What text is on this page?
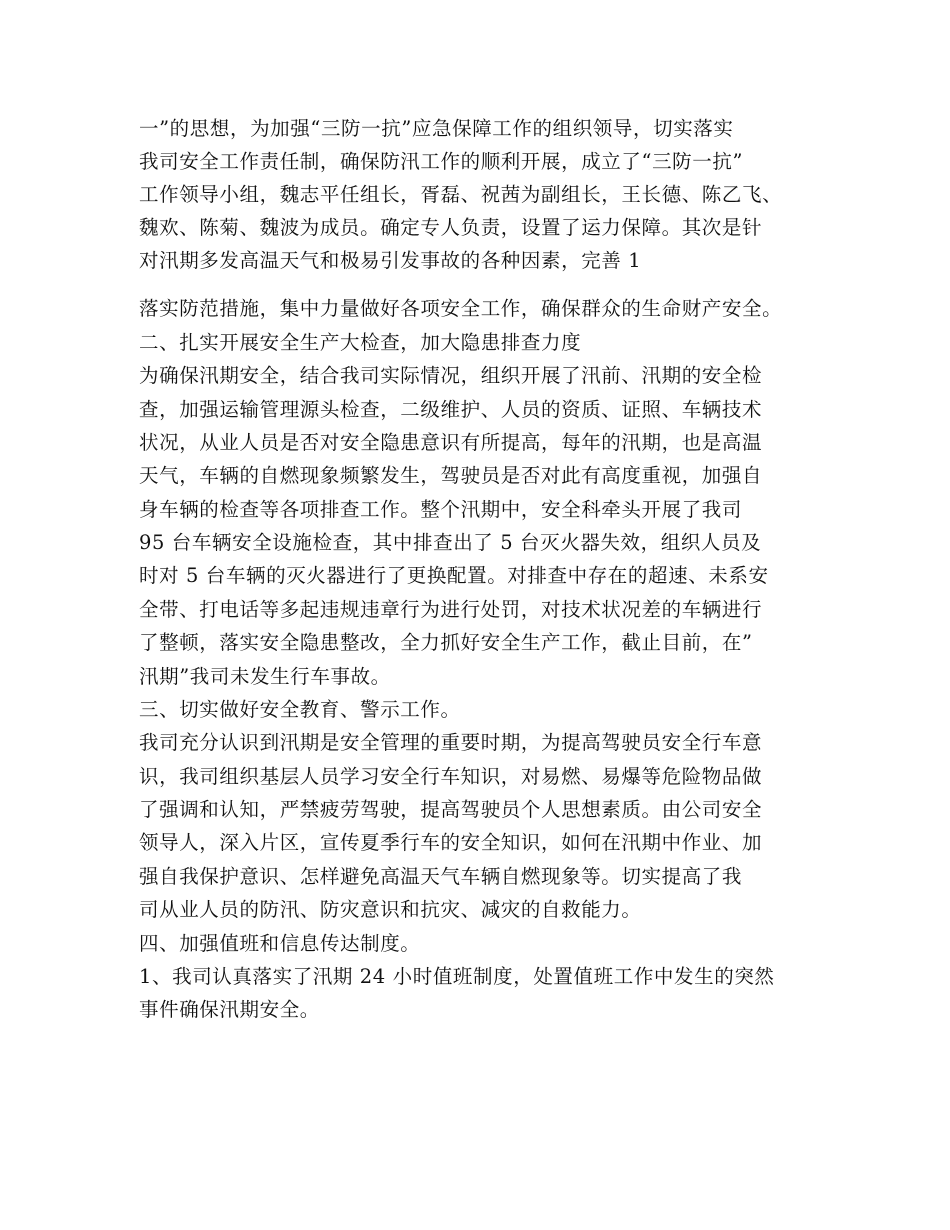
一”的思想，为加强“三防一抗”应急保障工作的组织领导，切实落实
我司安全工作责任制，确保防汛工作的顺利开展，成立了“三防一抗”
工作领导小组，魏志平任组长，胥磊、祝茜为副组长，王长德、陈乙飞、
魏欢、陈菊、魏波为成员。确定专人负责，设置了运力保障。其次是针
对汛期多发高温天气和极易引发事故的各种因素，完善 1
落实防范措施，集中力量做好各项安全工作，确保群众的生命财产安全。
二、扎实开展安全生产大检查，加大隐患排查力度
为确保汛期安全，结合我司实际情况，组织开展了汛前、汛期的安全检
查，加强运输管理源头检查，二级维护、人员的资质、证照、车辆技术
状况，从业人员是否对安全隐患意识有所提高，每年的汛期，也是高温
天气，车辆的自燃现象频繁发生，驾驶员是否对此有高度重视，加强自
身车辆的检查等各项排查工作。整个汛期中，安全科牵头开展了我司
95 台车辆安全设施检查，其中排查出了 5 台灭火器失效，组织人员及
时对 5 台车辆的灭火器进行了更换配置。对排查中存在的超速、未系安
全带、打电话等多起违规违章行为进行处罚，对技术状况差的车辆进行
了整顿，落实安全隐患整改，全力抓好安全生产工作，截止目前，在”
汛期”我司未发生行车事故。
三、切实做好安全教育、警示工作。
我司充分认识到汛期是安全管理的重要时期，为提高驾驶员安全行车意
识，我司组织基层人员学习安全行车知识，对易燃、易爆等危险物品做
了强调和认知，严禁疲劳驾驶，提高驾驶员个人思想素质。由公司安全
领导人，深入片区，宣传夏季行车的安全知识，如何在汛期中作业、加
强自我保护意识、怎样避免高温天气车辆自燃现象等。切实提高了我
司从业人员的防汛、防灾意识和抗灾、减灾的自救能力。
四、加强值班和信息传达制度。
1、我司认真落实了汛期 24 小时值班制度，处置值班工作中发生的突然
事件确保汛期安全。
